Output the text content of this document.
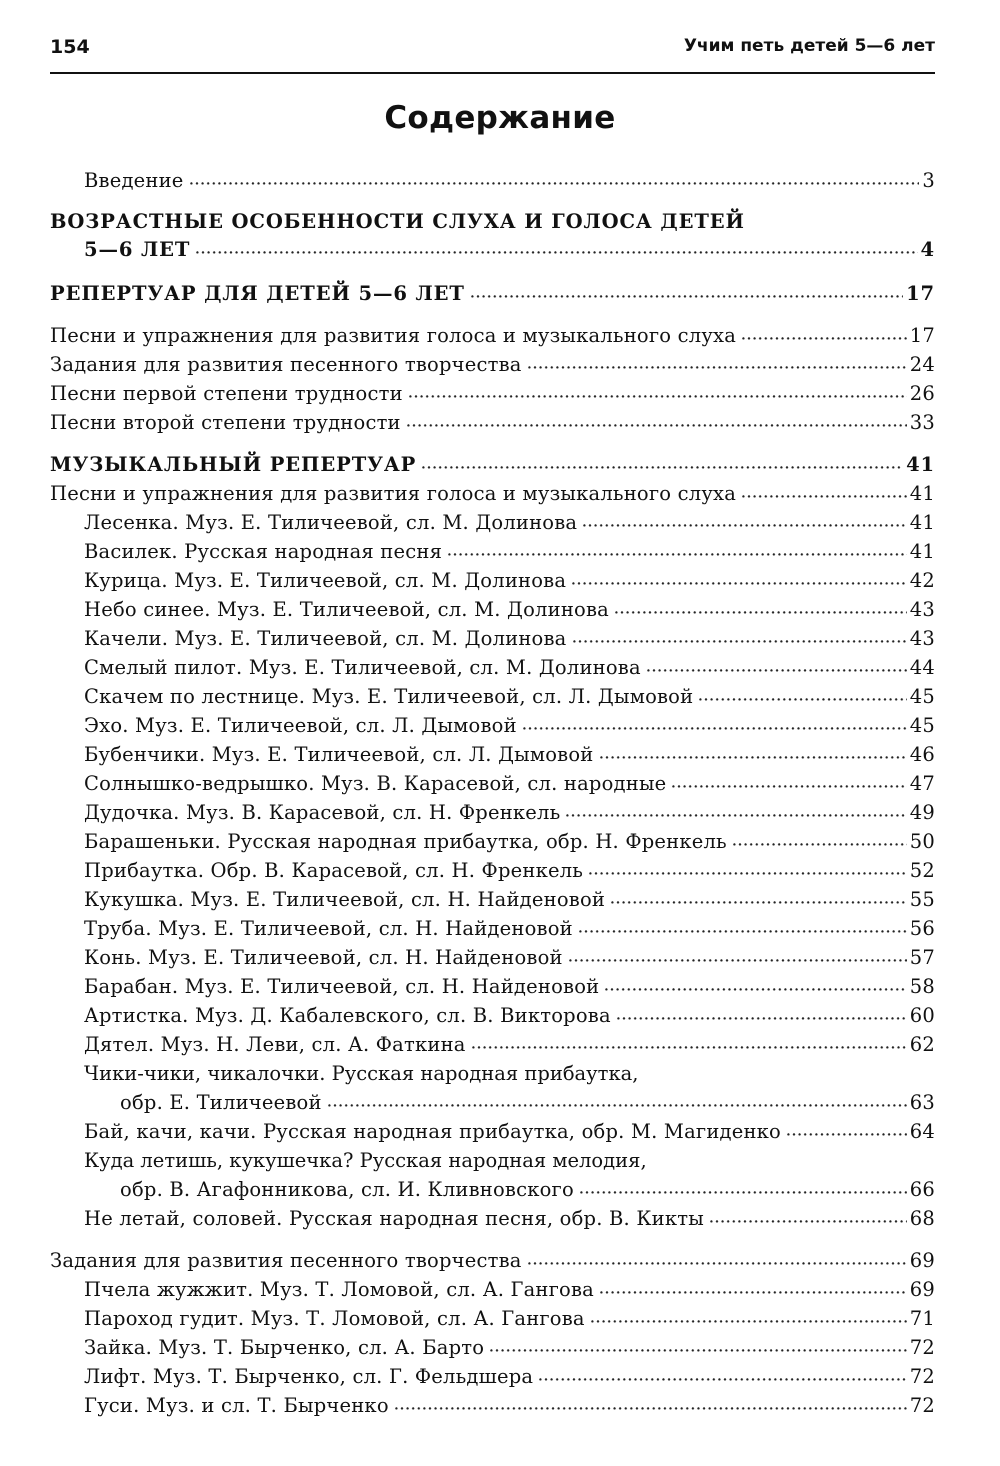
154	Учим петь детей 5—6 лет
Содержание
Введение	3
ВОЗРАСТНЫЕ ОСОБЕННОСТИ СЛУХА И ГОЛОСА ДЕТЕЙ
5—6 ЛЕТ	4
РЕПЕРТУАР ДЛЯ ДЕТЕЙ 5—6 ЛЕТ	17
Песни и упражнения для развития голоса и музыкального слуха	17
Задания для развития песенного творчества	24
Песни первой степени трудности	26
Песни второй степени трудности	33
МУЗЫКАЛЬНЫЙ РЕПЕРТУАР	41
Песни и упражнения для развития голоса и музыкального слуха	41
Лесенка. Муз. Е. Тиличеевой, сл. М. Долинова	41
Василек. Русская народная песня	41
Курица. Муз. Е. Тиличеевой, сл. М. Долинова	42
Небо синее. Муз. Е. Тиличеевой, сл. М. Долинова	43
Качели. Муз. Е. Тиличеевой, сл. М. Долинова	43
Смелый пилот. Муз. Е. Тиличеевой, сл. М. Долинова	44
Скачем по лестнице. Муз. Е. Тиличеевой, сл. Л. Дымовой	45
Эхо. Муз. Е. Тиличеевой, сл. Л. Дымовой	45
Бубенчики. Муз. Е. Тиличеевой, сл. Л. Дымовой	46
Солнышко-ведрышко. Муз. В. Карасевой, сл. народные	47
Дудочка. Муз. В. Карасевой, сл. Н. Френкель	49
Барашеньки. Русская народная прибаутка, обр. Н. Френкель	50
Прибаутка. Обр. В. Карасевой, сл. Н. Френкель	52
Кукушка. Муз. Е. Тиличеевой, сл. Н. Найденовой	55
Труба. Муз. Е. Тиличеевой, сл. Н. Найденовой	56
Конь. Муз. Е. Тиличеевой, сл. Н. Найденовой	57
Барабан. Муз. Е. Тиличеевой, сл. Н. Найденовой	58
Артистка. Муз. Д. Кабалевского, сл. В. Викторова	60
Дятел. Муз. Н. Леви, сл. А. Фаткина	62
Чики-чики, чикалочки. Русская народная прибаутка,
обр. Е. Тиличеевой	63
Бай, качи, качи. Русская народная прибаутка, обр. М. Магиденко	64
Куда летишь, кукушечка? Русская народная мелодия,
обр. В. Агафонникова, сл. И. Кливновского	66
Не летай, соловей. Русская народная песня, обр. В. Кикты	68
Задания для развития песенного творчества	69
Пчела жужжит. Муз. Т. Ломовой, сл. А. Гангова	69
Пароход гудит. Муз. Т. Ломовой, сл. А. Гангова	71
Зайка. Муз. Т. Бырченко, сл. А. Барто	72
Лифт. Муз. Т. Бырченко, сл. Г. Фельдшера	72
Гуси. Муз. и сл. Т. Бырченко	72
